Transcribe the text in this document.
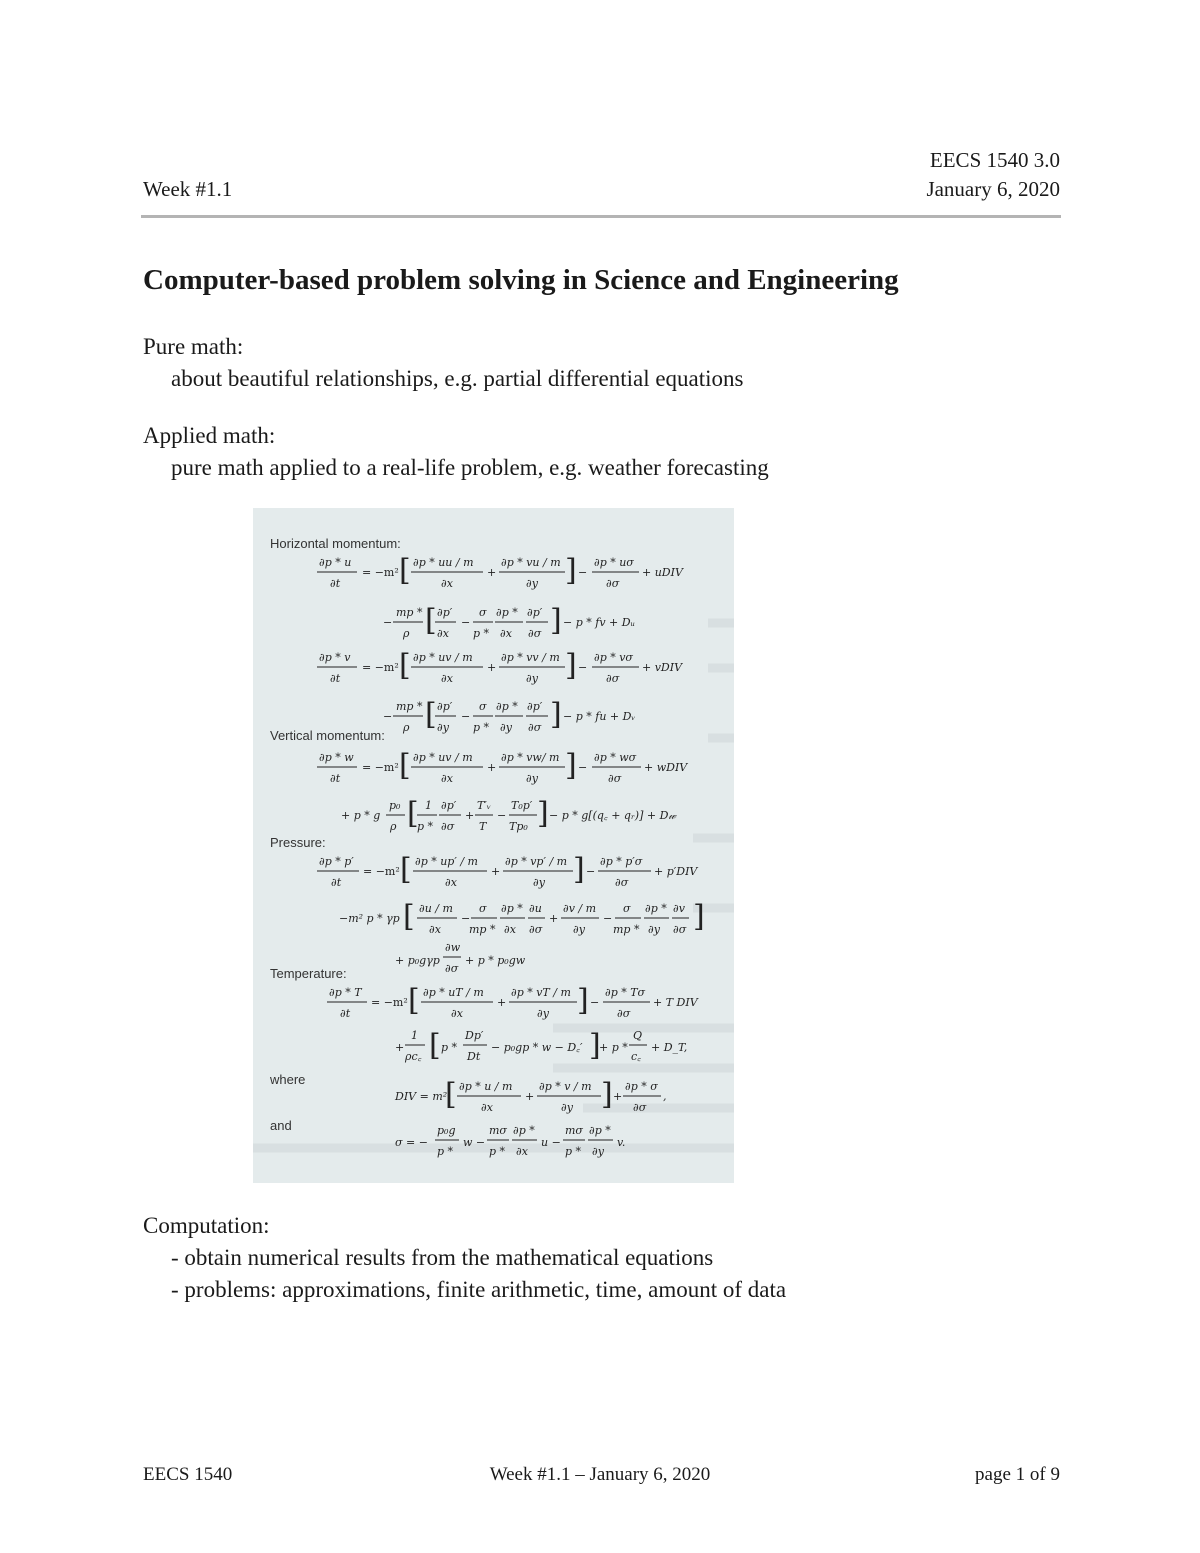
EECS 1540 3.0
January 6, 2020
Week #1.1
Computer-based problem solving in Science and Engineering
Pure math:
about beautiful relationships, e.g. partial differential equations
Applied math:
pure math applied to a real-life problem, e.g. weather forecasting
Horizontal momentum:
Vertical momentum:
Pressure:
Temperature:
where
and
∂p * u
∂t
= −m² [ ∂p * uu / m
∂x
+
∂p * vu / m
∂y ] −
∂p * uσ
∂σ
+ uDIV
−
mp *
ρ [ ∂p′
∂x
−
σ
p *
∂p *
∂x
∂p′
∂σ ] − p * fv + Dᵤ
∂p * v
∂t
= −m² [ ∂p * uv / m
∂x
+
∂p * vv / m
∂y ] −
∂p * vσ
∂σ
+ vDIV
−
mp *
ρ [ ∂p′
∂y
−
σ
p *
∂p *
∂y
∂p′
∂σ ] − p * fu + Dᵥ
∂p * w
∂t
= −m² [ ∂p * uv / m
∂x
+
∂p * vw/ m
∂y ] −
∂p * wσ
∂σ
+ wDIV
+ p * g
p₀
ρ [ 1
p *
∂p′
∂σ
+
T′ᵥ
T
−
T₀p′
Tp₀ ] − p * g[(q꜀ + qᵣ)] + D𝓌
∂p * p′
∂t
= −m² [ ∂p * up′ / m
∂x
+
∂p * vp′ / m
∂y ] −
∂p * p′σ
∂σ
+ p′DIV
−m² p * γp [ ∂u / m
∂x
−
σ
mp *
∂p *
∂x
∂u
∂σ
+
∂v / m
∂y
−
σ
mp *
∂p *
∂y
∂v
∂σ ]
+ p₀gγp
∂w
∂σ
+ p * p₀gw
∂p * T
∂t
= −m² [ ∂p * uT / m
∂x
+
∂p * vT / m
∂y ] −
∂p * Tσ
∂σ
+ T DIV
+
1
ρc꜀ [ p *
Dp′
Dt
− p₀gp * w − D꜀′ ]
+ p *
Q
c꜀
+ D_T,
DIV = m²
[ ∂p * u / m
∂x
+
∂p * v / m
∂y ] +
∂p * σ
∂σ
,
σ = −
p₀g
p *
w −
mσ
p *
∂p *
∂x
u −
mσ
p *
∂p *
∂y
v.
Computation:
- obtain numerical results from the mathematical equations
- problems: approximations, finite arithmetic, time, amount of data
EECS 1540	Week #1.1 – January 6, 2020	page 1 of 9
